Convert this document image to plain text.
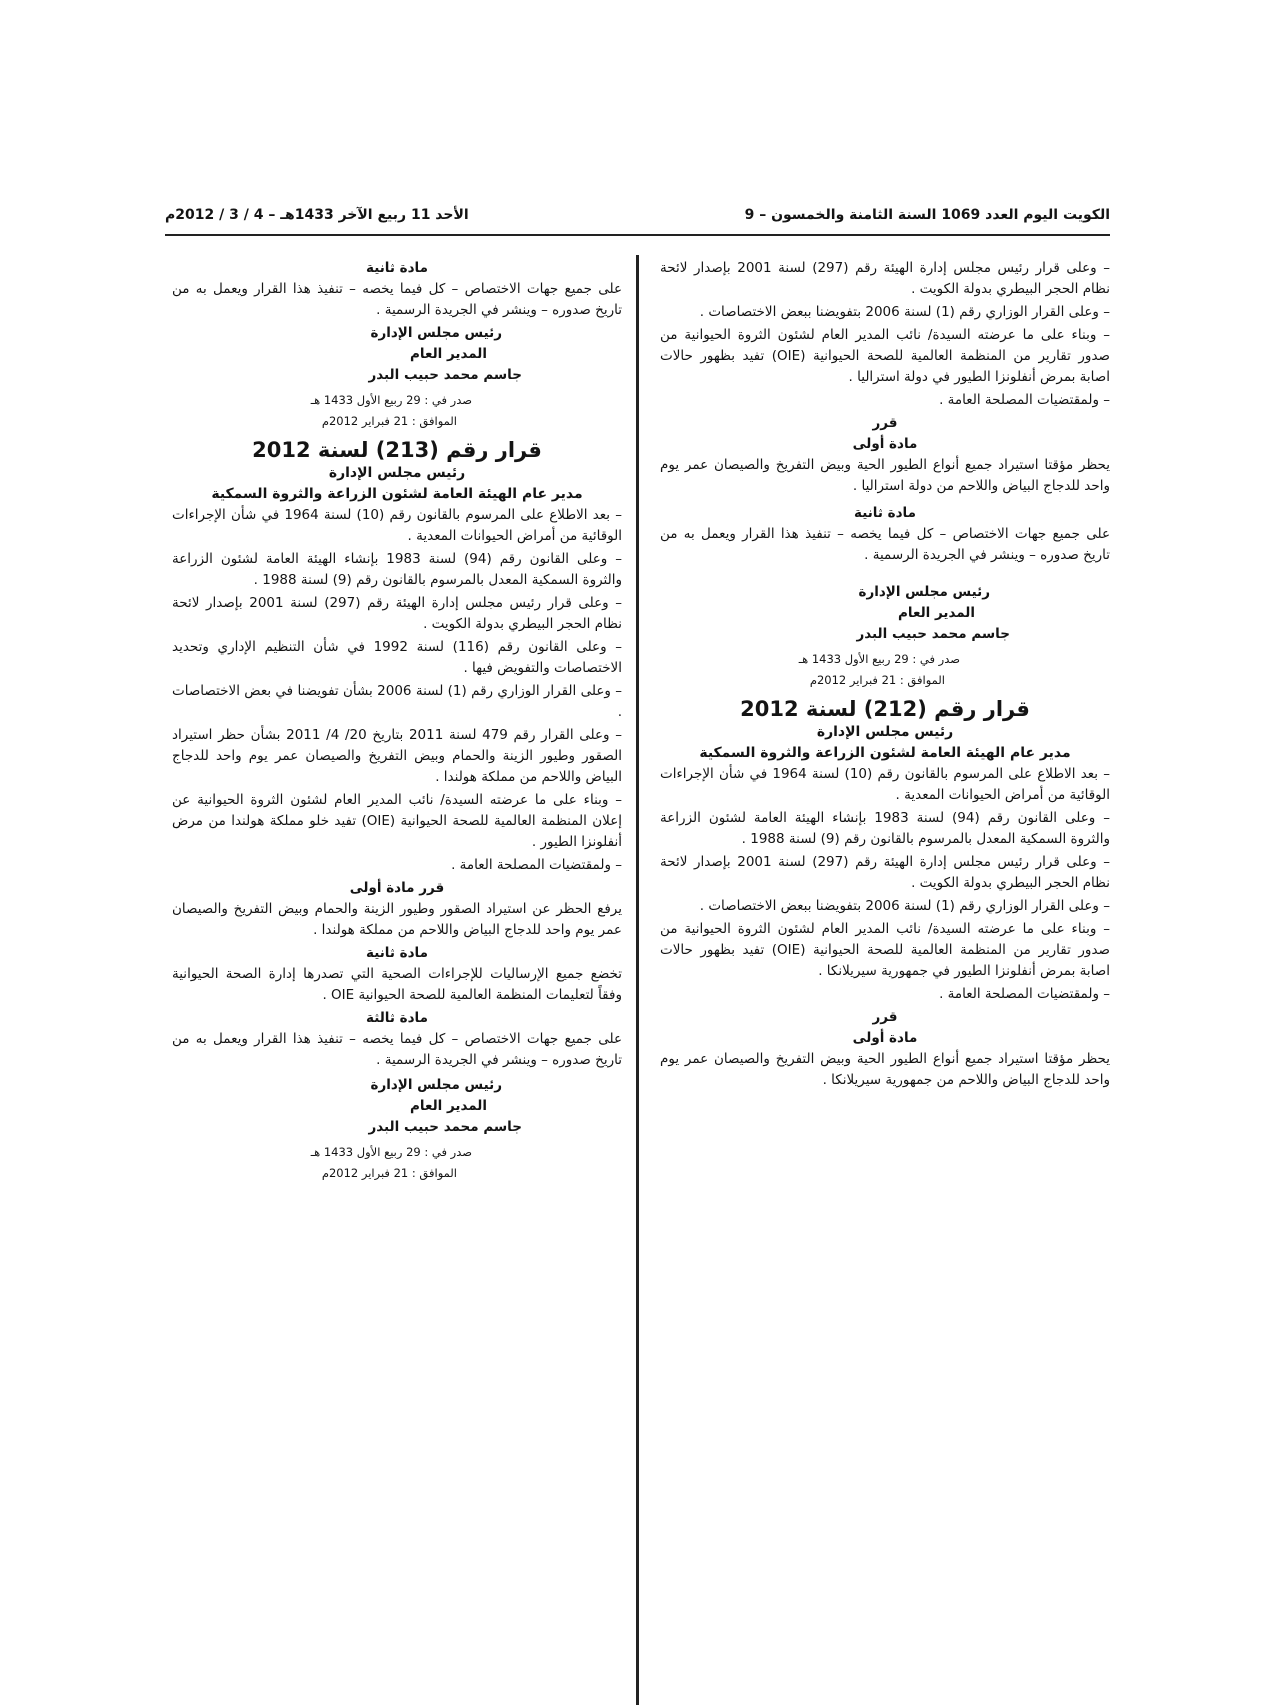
الكويت اليوم العدد 1069 السنة الثامنة والخمسون – 9
الأحد 11 ربيع الآخر 1433هـ – 4 / 3 / 2012م

– وعلى قرار رئيس مجلس إدارة الهيئة رقم (297) لسنة 2001 بإصدار لائحة نظام الحجر البيطري بدولة الكويت .

– وعلى القرار الوزاري رقم (1) لسنة 2006 بتفويضنا ببعض الاختصاصات .

– وبناء على ما عرضته السيدة/ نائب المدير العام لشئون الثروة الحيوانية من صدور تقارير من المنظمة العالمية للصحة الحيوانية (OIE) تفيد بظهور حالات اصابة بمرض أنفلونزا الطيور في دولة استراليا .

– ولمقتضيات المصلحة العامة .

قرر

مادة أولى

يحظر مؤقتا استيراد جميع أنواع الطيور الحية وبيض التفريخ والصيصان عمر يوم واحد للدجاج البياض واللاحم من دولة استراليا .

مادة ثانية

على جميع جهات الاختصاص – كل فيما يخصه – تنفيذ هذا القرار ويعمل به من تاريخ صدوره – وينشر في الجريدة الرسمية .

رئيس مجلس الإدارة

المدير العام

جاسم محمد حبيب البدر

صدر في : 29 ربيع الأول 1433 هـ

الموافق : 21 فبراير 2012م

قرار رقم (212) لسنة 2012

رئيس مجلس الإدارة

مدير عام الهيئة العامة لشئون الزراعة والثروة السمكية

– بعد الاطلاع على المرسوم بالقانون رقم (10) لسنة 1964 في شأن الإجراءات الوقائية من أمراض الحيوانات المعدية .

– وعلى القانون رقم (94) لسنة 1983 بإنشاء الهيئة العامة لشئون الزراعة والثروة السمكية المعدل بالمرسوم بالقانون رقم (9) لسنة 1988 .

– وعلى قرار رئيس مجلس إدارة الهيئة رقم (297) لسنة 2001 بإصدار لائحة نظام الحجر البيطري بدولة الكويت .

– وعلى القرار الوزاري رقم (1) لسنة 2006 بتفويضنا ببعض الاختصاصات .

– وبناء على ما عرضته السيدة/ نائب المدير العام لشئون الثروة الحيوانية من صدور تقارير من المنظمة العالمية للصحة الحيوانية (OIE) تفيد بظهور حالات اصابة بمرض أنفلونزا الطيور في جمهورية سيريلانكا .

– ولمقتضيات المصلحة العامة .

قرر

مادة أولى

يحظر مؤقتا استيراد جميع أنواع الطيور الحية وبيض التفريخ والصيصان عمر يوم واحد للدجاج البياض واللاحم من جمهورية سيريلانكا .

مادة ثانية

على جميع جهات الاختصاص – كل فيما يخصه – تنفيذ هذا القرار ويعمل به من تاريخ صدوره – وينشر في الجريدة الرسمية .

رئيس مجلس الإدارة

المدير العام

جاسم محمد حبيب البدر

صدر في : 29 ربيع الأول 1433 هـ

الموافق : 21 فبراير 2012م

قرار رقم (213) لسنة 2012

رئيس مجلس الإدارة

مدير عام الهيئة العامة لشئون الزراعة والثروة السمكية

– بعد الاطلاع على المرسوم بالقانون رقم (10) لسنة 1964 في شأن الإجراءات الوقائية من أمراض الحيوانات المعدية .

– وعلى القانون رقم (94) لسنة 1983 بإنشاء الهيئة العامة لشئون الزراعة والثروة السمكية المعدل بالمرسوم بالقانون رقم (9) لسنة 1988 .

– وعلى قرار رئيس مجلس إدارة الهيئة رقم (297) لسنة 2001 بإصدار لائحة نظام الحجر البيطري بدولة الكويت .

– وعلى القانون رقم (116) لسنة 1992 في شأن التنظيم الإداري وتحديد الاختصاصات والتفويض فيها .

– وعلى القرار الوزاري رقم (1) لسنة 2006 بشأن تفويضنا في بعض الاختصاصات .

– وعلى القرار رقم 479 لسنة 2011 بتاريخ 20/ 4/ 2011 بشأن حظر استيراد الصقور وطيور الزينة والحمام وبيض التفريخ والصيصان عمر يوم واحد للدجاج البياض واللاحم من مملكة هولندا .

– وبناء على ما عرضته السيدة/ نائب المدير العام لشئون الثروة الحيوانية عن إعلان المنظمة العالمية للصحة الحيوانية (OIE) تفيد خلو مملكة هولندا من مرض أنفلونزا الطيور .

– ولمقتضيات المصلحة العامة .

قرر مادة أولى

يرفع الحظر عن استيراد الصقور وطيور الزينة والحمام وبيض التفريخ والصيصان عمر يوم واحد للدجاج البياض واللاحم من مملكة هولندا .

مادة ثانية

تخضع جميع الإرساليات للإجراءات الصحية التي تصدرها إدارة الصحة الحيوانية وفقاً لتعليمات المنظمة العالمية للصحة الحيوانية OIE .

مادة ثالثة

على جميع جهات الاختصاص – كل فيما يخصه – تنفيذ هذا القرار ويعمل به من تاريخ صدوره – وينشر في الجريدة الرسمية .

رئيس مجلس الإدارة

المدير العام

جاسم محمد حبيب البدر

صدر في : 29 ربيع الأول 1433 هـ

الموافق : 21 فبراير 2012م
